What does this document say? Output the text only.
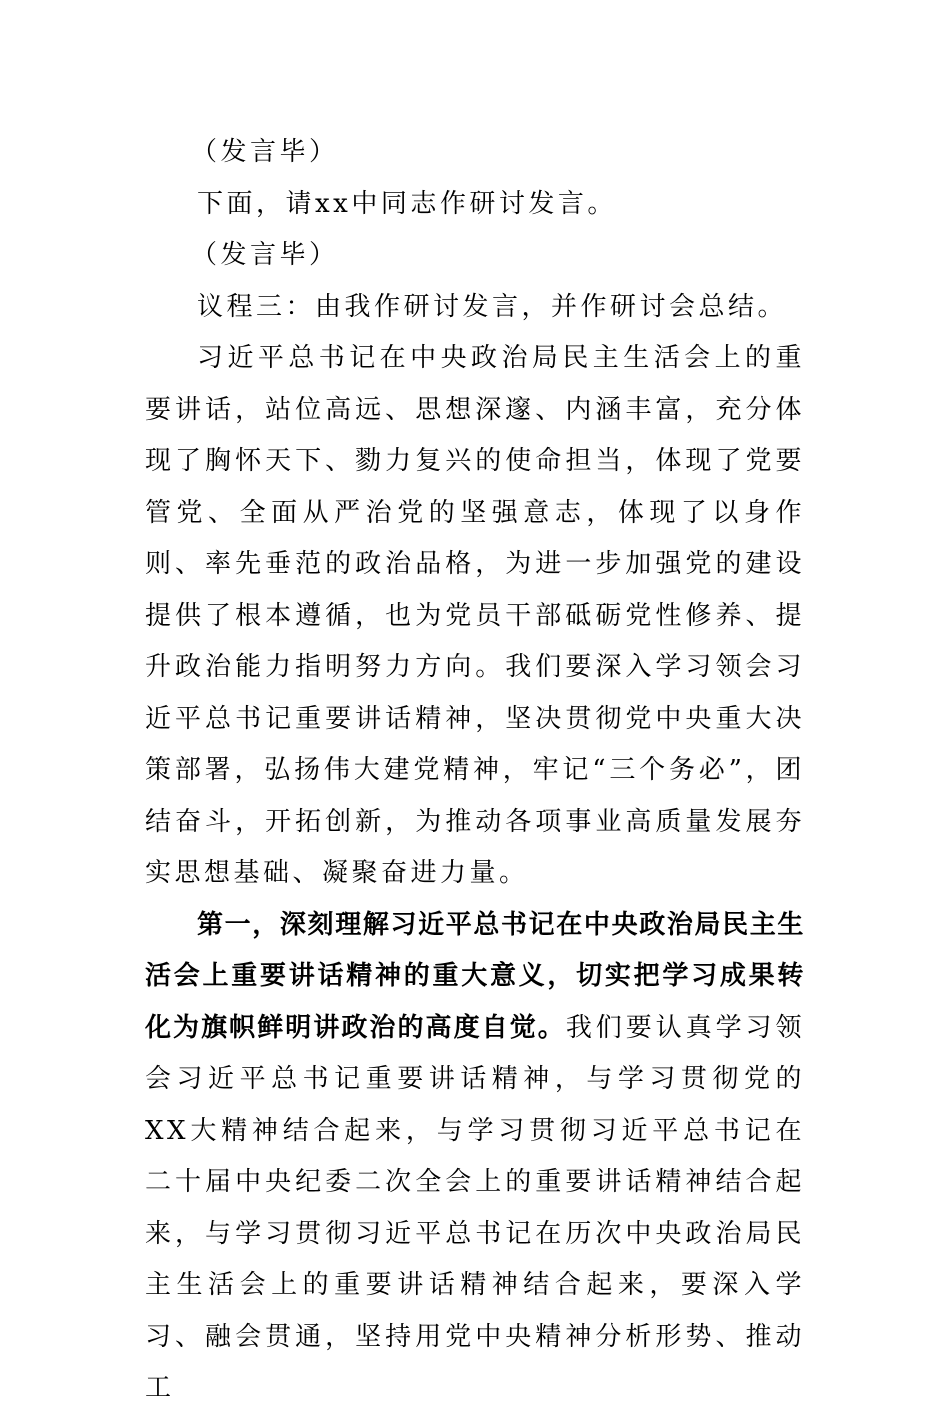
（发言毕）

下面，请xx中同志作研讨发言。

（发言毕）

议程三：由我作研讨发言，并作研讨会总结。

习近平总书记在中央政治局民主生活会上的重要讲话，站位高远、思想深邃、内涵丰富，充分体现了胸怀天下、勠力复兴的使命担当，体现了党要管党、全面从严治党的坚强意志，体现了以身作则、率先垂范的政治品格，为进一步加强党的建设提供了根本遵循，也为党员干部砥砺党性修养、提升政治能力指明努力方向。我们要深入学习领会习近平总书记重要讲话精神，坚决贯彻党中央重大决策部署，弘扬伟大建党精神，牢记“三个务必”，团结奋斗，开拓创新，为推动各项事业高质量发展夯实思想基础、凝聚奋进力量。

第一，深刻理解习近平总书记在中央政治局民主生活会上重要讲话精神的重大意义，切实把学习成果转化为旗帜鲜明讲政治的高度自觉。我们要认真学习领会习近平总书记重要讲话精神，与学习贯彻党的XX大精神结合起来，与学习贯彻习近平总书记在二十届中央纪委二次全会上的重要讲话精神结合起来，与学习贯彻习近平总书记在历次中央政治局民主生活会上的重要讲话精神结合起来，要深入学习、融会贯通，坚持用党中央精神分析形势、推动工
